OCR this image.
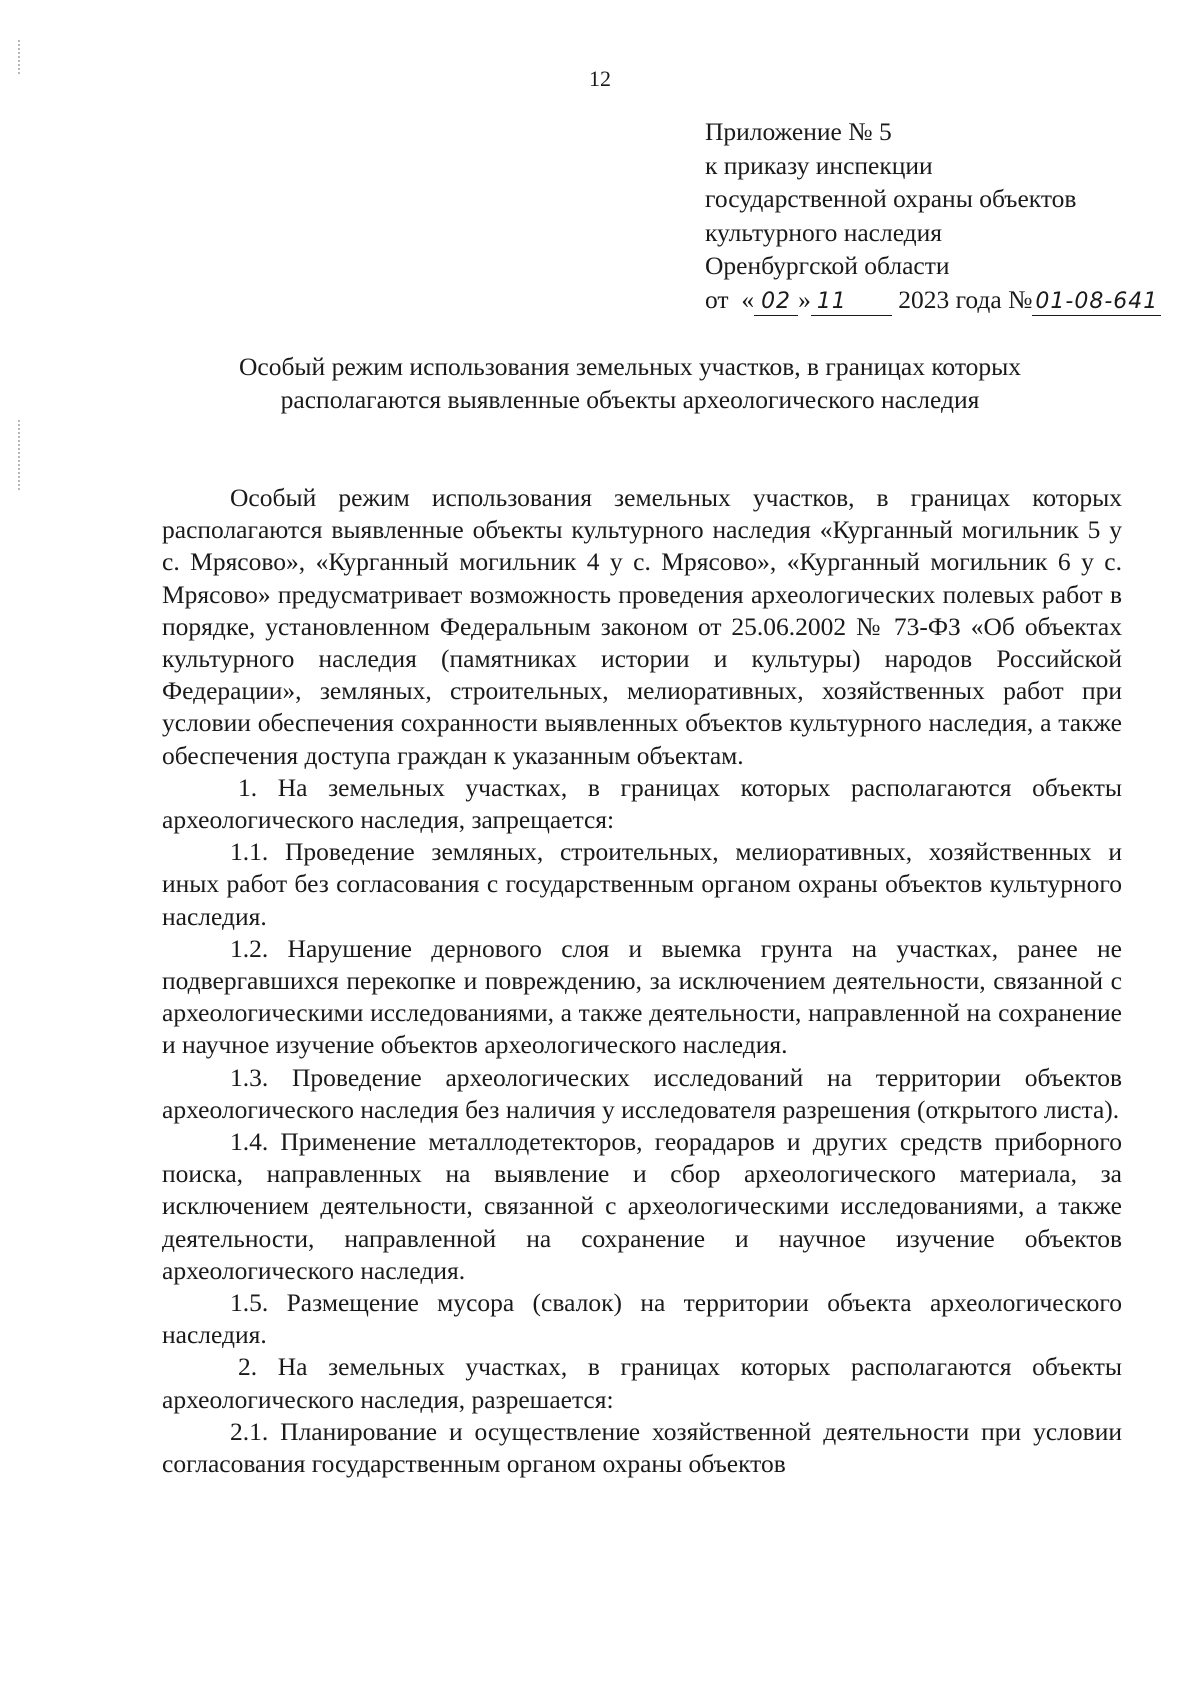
12
Приложение № 5
к приказу инспекции
государственной охраны объектов
культурного наследия
Оренбургской области
от « 02 » 11 2023 года № 01-08-641
Особый режим использования земельных участков, в границах которых
располагаются выявленные объекты археологического наследия

Особый режим использования земельных участков, в границах которых располагаются выявленные объекты культурного наследия «Курганный могильник 5 у с. Мрясово», «Курганный могильник 4 у с. Мрясово», «Курганный могильник 6 у с. Мрясово» предусматривает возможность проведения археологических полевых работ в порядке, установленном Федеральным законом от 25.06.2002 № 73-ФЗ «Об объектах культурного наследия (памятниках истории и культуры) народов Российской Федерации», земляных, строительных, мелиоративных, хозяйственных работ при условии обеспечения сохранности выявленных объектов культурного наследия, а также обеспечения доступа граждан к указанным объектам.

1. На земельных участках, в границах которых располагаются объекты археологического наследия, запрещается:

1.1. Проведение земляных, строительных, мелиоративных, хозяйственных и иных работ без согласования с государственным органом охраны объектов культурного наследия.

1.2. Нарушение дернового слоя и выемка грунта на участках, ранее не подвергавшихся перекопке и повреждению, за исключением деятельности, связанной с археологическими исследованиями, а также деятельности, направленной на сохранение и научное изучение объектов археологического наследия.

1.3. Проведение археологических исследований на территории объектов археологического наследия без наличия у исследователя разрешения (открытого листа).

1.4. Применение металлодетекторов, георадаров и других средств приборного поиска, направленных на выявление и сбор археологического материала, за исключением деятельности, связанной с археологическими исследованиями, а также деятельности, направленной на сохранение и научное изучение объектов археологического наследия.

1.5. Размещение мусора (свалок) на территории объекта археологического наследия.

2. На земельных участках, в границах которых располагаются объекты археологического наследия, разрешается:

2.1. Планирование и осуществление хозяйственной деятельности при условии согласования государственным органом охраны объектов
